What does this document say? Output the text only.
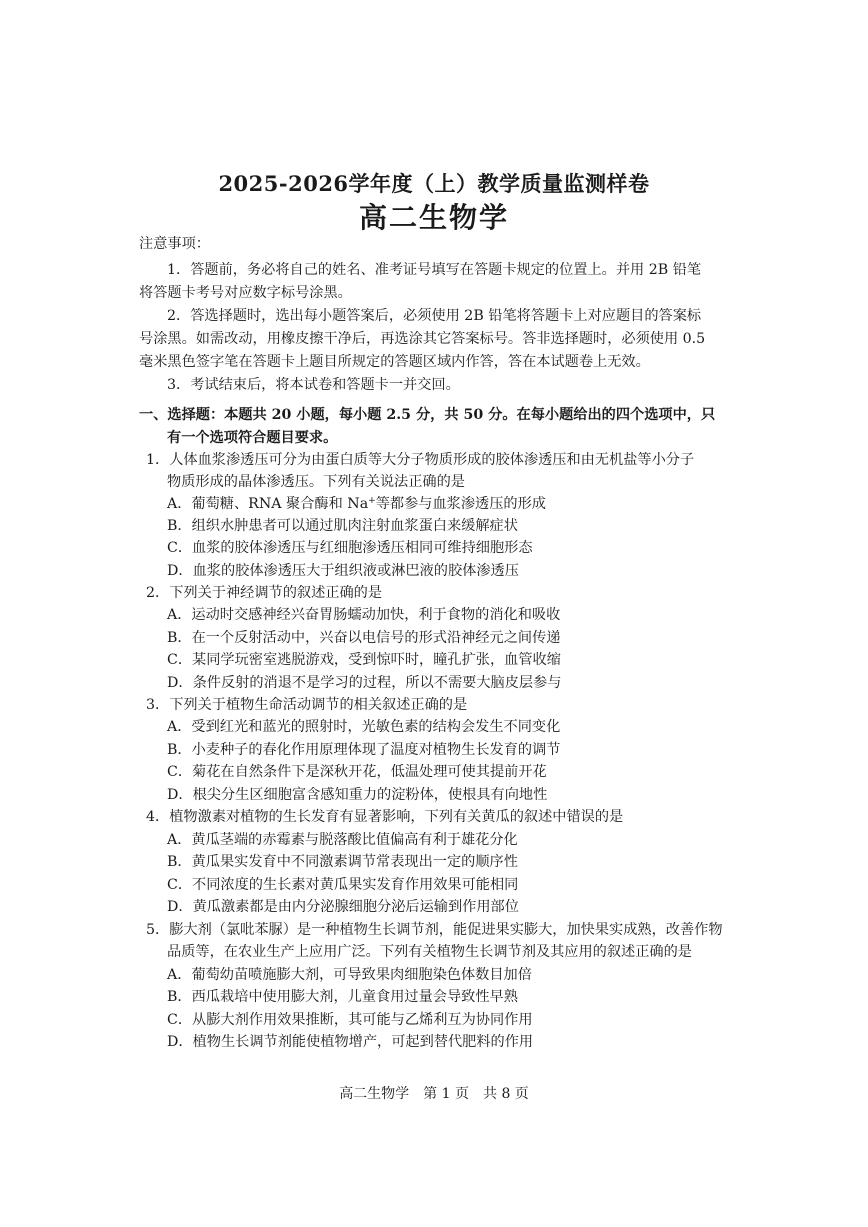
2025-2026学年度（上）教学质量监测样卷
高二生物学
注意事项：
1．答题前，务必将自己的姓名、准考证号填写在答题卡规定的位置上。并用 2B 铅笔
将答题卡考号对应数字标号涂黑。
2．答选择题时，选出每小题答案后，必须使用 2B 铅笔将答题卡上对应题目的答案标
号涂黑。如需改动，用橡皮擦干净后，再选涂其它答案标号。答非选择题时，必须使用 0.5
毫米黑色签字笔在答题卡上题目所规定的答题区域内作答，答在本试题卷上无效。
3．考试结束后，将本试卷和答题卡一并交回。
一、选择题：本题共 20 小题，每小题 2.5 分，共 50 分。在每小题给出的四个选项中，只
有一个选项符合题目要求。
1．人体血浆渗透压可分为由蛋白质等大分子物质形成的胶体渗透压和由无机盐等小分子
物质形成的晶体渗透压。下列有关说法正确的是
A．葡萄糖、RNA 聚合酶和 Na+等都参与血浆渗透压的形成
B．组织水肿患者可以通过肌肉注射血浆蛋白来缓解症状
C．血浆的胶体渗透压与红细胞渗透压相同可维持细胞形态
D．血浆的胶体渗透压大于组织液或淋巴液的胶体渗透压
2．下列关于神经调节的叙述正确的是
A．运动时交感神经兴奋胃肠蠕动加快，利于食物的消化和吸收
B．在一个反射活动中，兴奋以电信号的形式沿神经元之间传递
C．某同学玩密室逃脱游戏，受到惊吓时，瞳孔扩张，血管收缩
D．条件反射的消退不是学习的过程，所以不需要大脑皮层参与
3．下列关于植物生命活动调节的相关叙述正确的是
A．受到红光和蓝光的照射时，光敏色素的结构会发生不同变化
B．小麦种子的春化作用原理体现了温度对植物生长发育的调节
C．菊花在自然条件下是深秋开花，低温处理可使其提前开花
D．根尖分生区细胞富含感知重力的淀粉体，使根具有向地性
4．植物激素对植物的生长发育有显著影响，下列有关黄瓜的叙述中错误的是
A．黄瓜茎端的赤霉素与脱落酸比值偏高有利于雄花分化
B．黄瓜果实发育中不同激素调节常表现出一定的顺序性
C．不同浓度的生长素对黄瓜果实发育作用效果可能相同
D．黄瓜激素都是由内分泌腺细胞分泌后运输到作用部位
5．膨大剂（氯吡苯脲）是一种植物生长调节剂，能促进果实膨大，加快果实成熟，改善作物
品质等，在农业生产上应用广泛。下列有关植物生长调节剂及其应用的叙述正确的是
A．葡萄幼苗喷施膨大剂，可导致果肉细胞染色体数目加倍
B．西瓜栽培中使用膨大剂，儿童食用过量会导致性早熟
C．从膨大剂作用效果推断，其可能与乙烯利互为协同作用
D．植物生长调节剂能使植物增产，可起到替代肥料的作用
高二生物学　第 1 页　共 8 页
